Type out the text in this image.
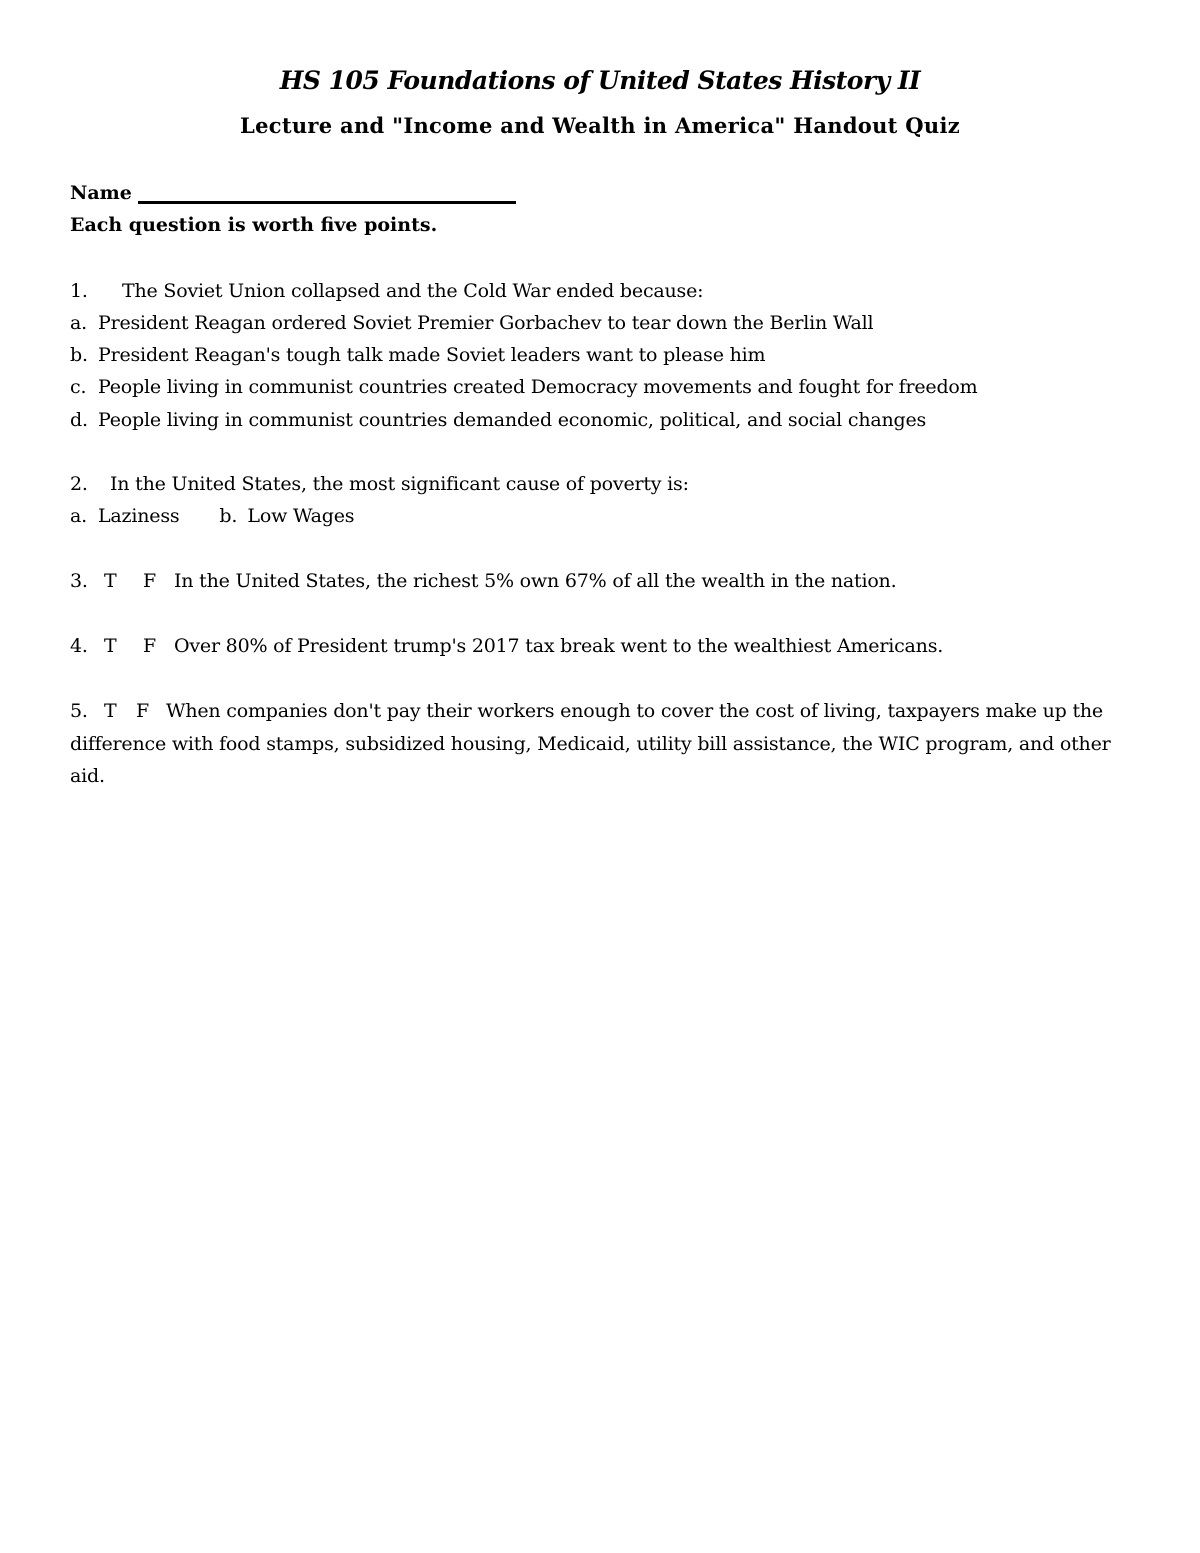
HS 105 Foundations of United States History II
Lecture and "Income and Wealth in America" Handout Quiz
Name
Each question is worth five points.
1. The Soviet Union collapsed and the Cold War ended because:
a. President Reagan ordered Soviet Premier Gorbachev to tear down the Berlin Wall
b. President Reagan's tough talk made Soviet leaders want to please him
c. People living in communist countries created Democracy movements and fought for freedom
d. People living in communist countries demanded economic, political, and social changes
2. In the United States, the most significant cause of poverty is:
a. Laziness b. Low Wages
3. T F In the United States, the richest 5% own 67% of all the wealth in the nation.
4. T F Over 80% of President trump's 2017 tax break went to the wealthiest Americans.
5. T F When companies don't pay their workers enough to cover the cost of living, taxpayers make up the
difference with food stamps, subsidized housing, Medicaid, utility bill assistance, the WIC program, and other
aid.
